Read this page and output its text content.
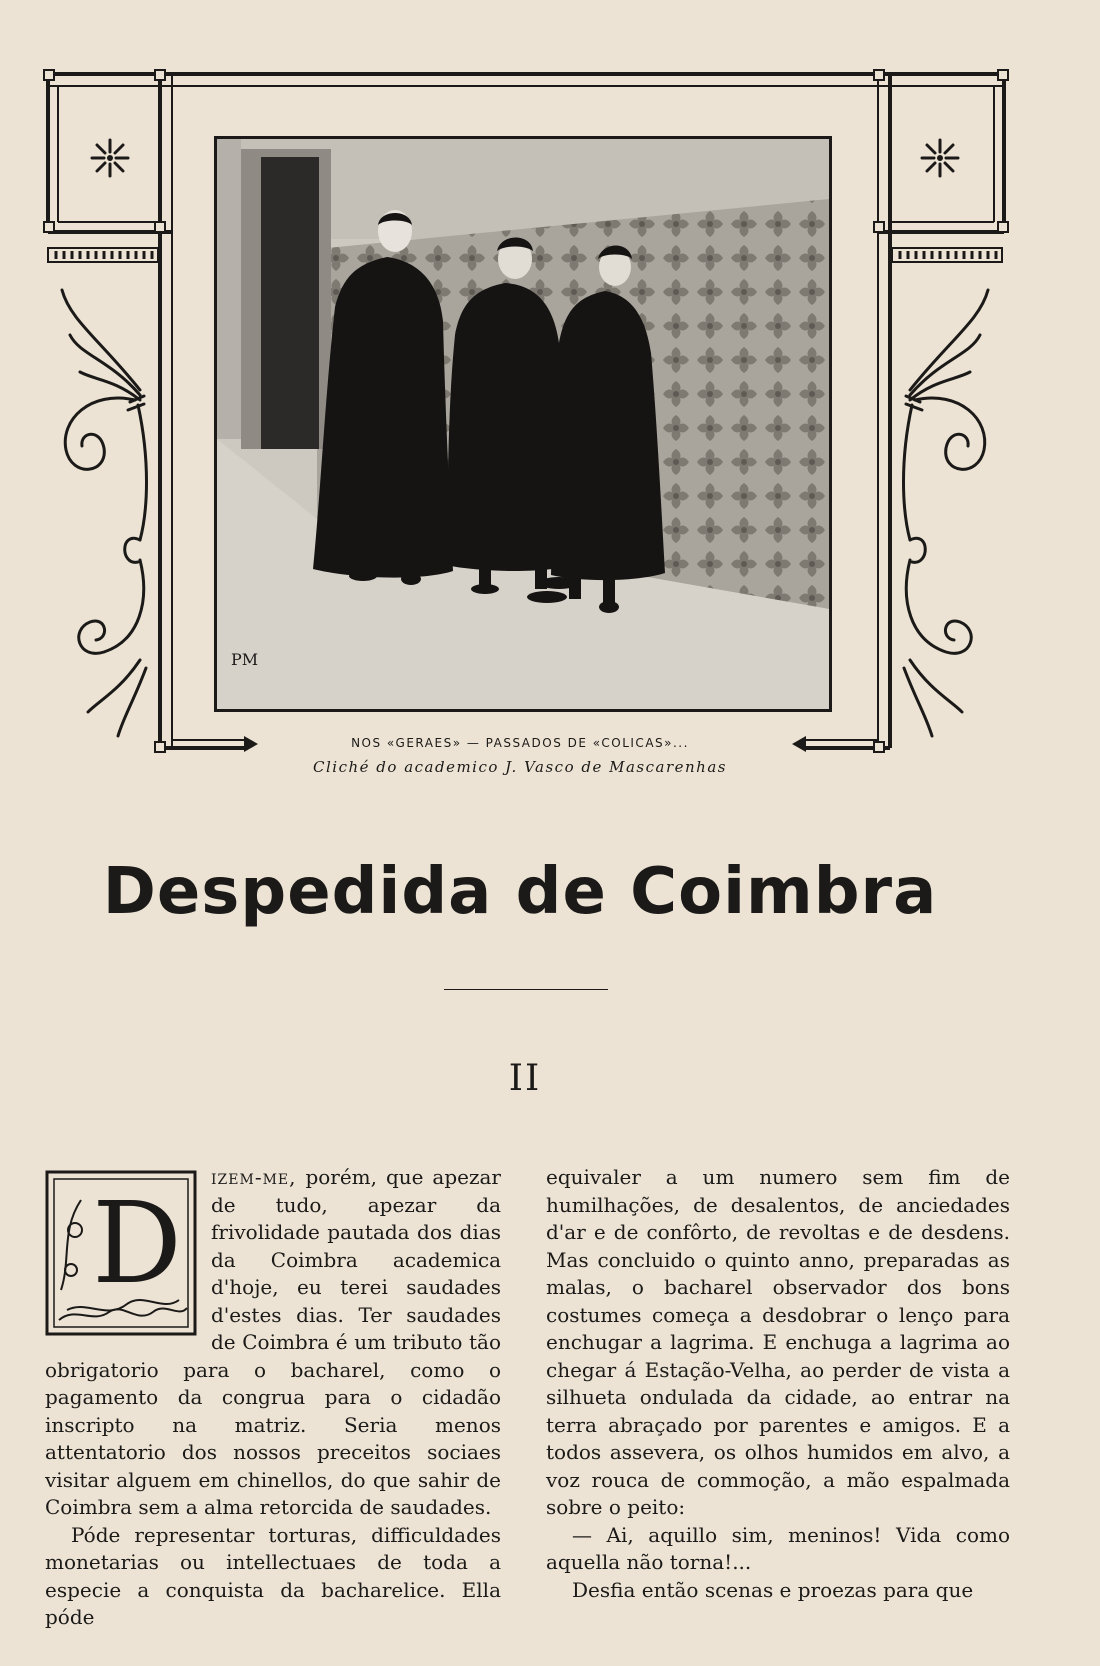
PM
NOS «GERAES» — PASSADOS DE «COLICAS»...
Cliché do academico J. Vasco de Mascarenhas
Despedida de Coimbra
II
D

izem-me, porém, que apezar de tudo, apezar da frivolidade pautada dos dias da Coimbra academica d'hoje, eu terei saudades d'estes dias. Ter saudades de Coimbra é um tributo tão obrigatorio para o bacharel, como o pagamento da congrua para o cidadão inscripto na matriz. Seria menos attentatorio dos nossos preceitos sociaes visitar alguem em chinellos, do que sahir de Coimbra sem a alma retorcida de saudades.

Póde representar torturas, difficuldades monetarias ou intellectuaes de toda a especie a conquista da bacharelice. Ella póde

equivaler a um numero sem fim de humilhações, de desalentos, de anciedades d'ar e de confôrto, de revoltas e de desdens. Mas concluido o quinto anno, preparadas as malas, o bacharel observador dos bons costumes começa a desdobrar o lenço para enchugar a lagrima. E enchuga a lagrima ao chegar á Estação-Velha, ao perder de vista a silhueta ondulada da cidade, ao entrar na terra abraçado por parentes e amigos. E a todos assevera, os olhos humidos em alvo, a voz rouca de commoção, a mão espalmada sobre o peito:

— Ai, aquillo sim, meninos! Vida como aquella não torna!...

Desfia então scenas e proezas para que
